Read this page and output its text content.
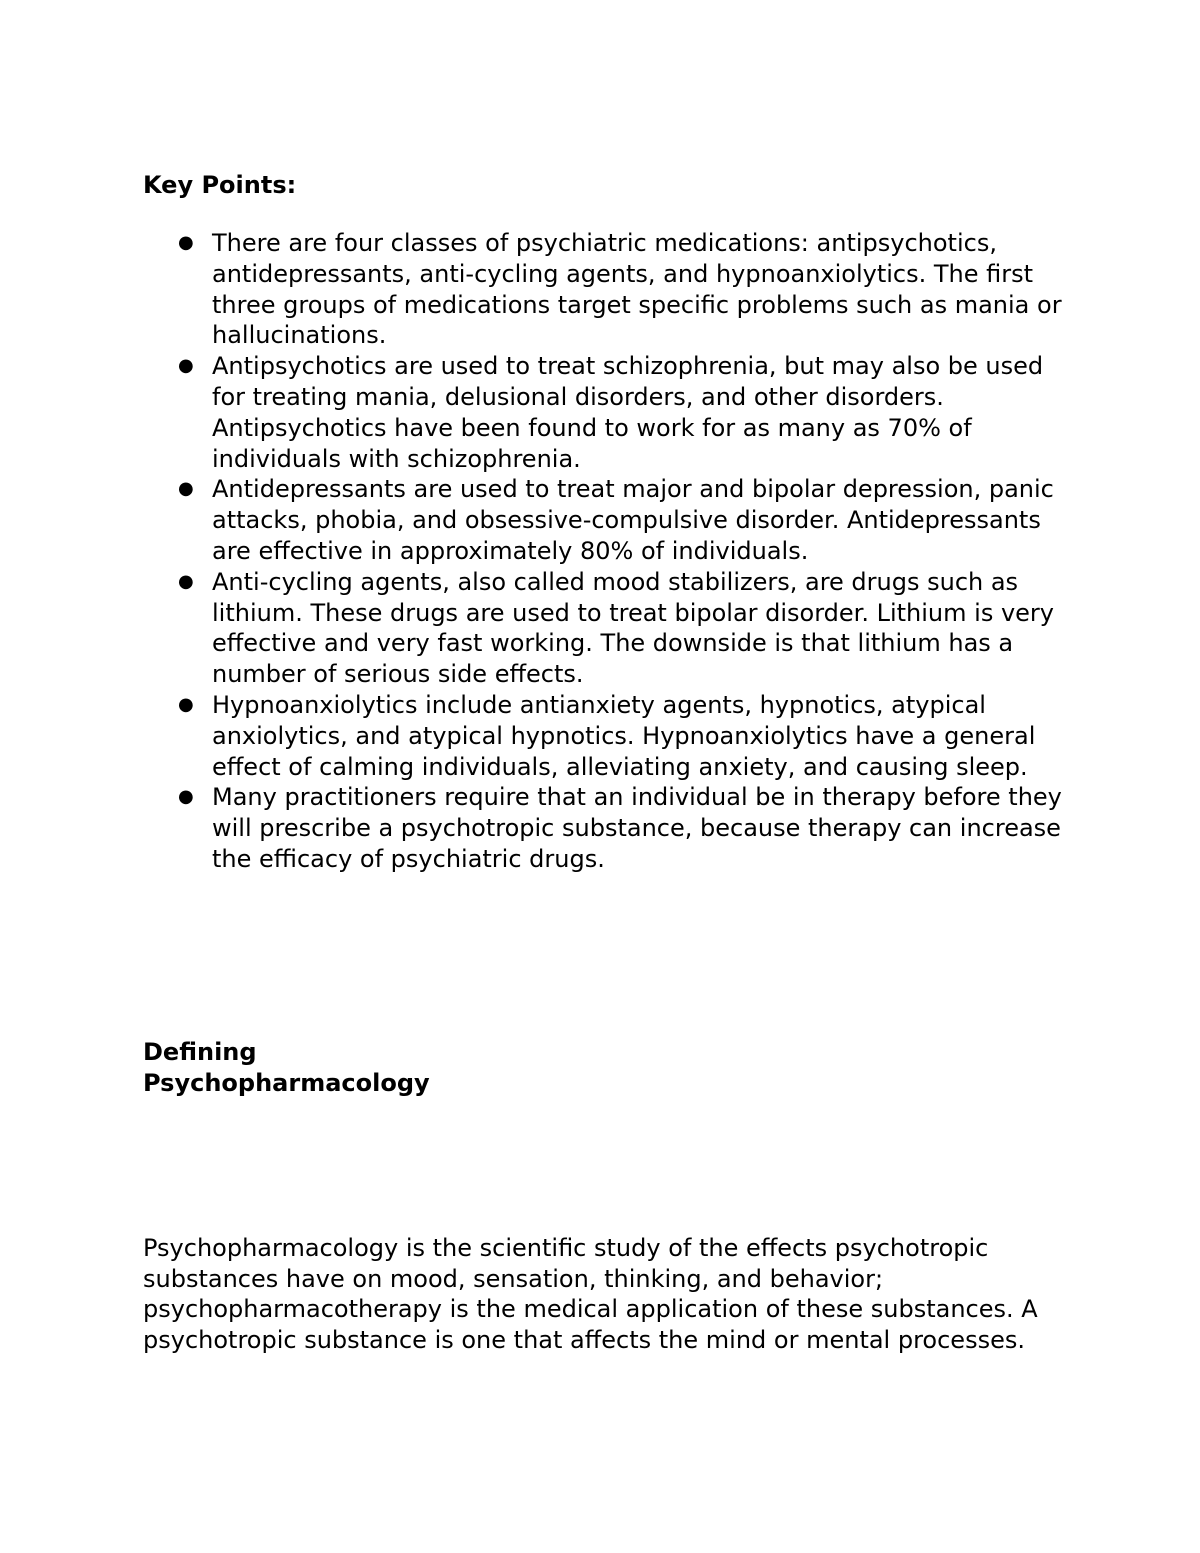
Key Points:
● There are four classes of psychiatric medications: antipsychotics, antidepressants, anti-cycling agents, and hypnoanxiolytics. The first three groups of medications target specific problems such as mania or hallucinations.
● Antipsychotics are used to treat schizophrenia, but may also be used for treating mania, delusional disorders, and other disorders. Antipsychotics have been found to work for as many as 70% of individuals with schizophrenia.
● Antidepressants are used to treat major and bipolar depression, panic attacks, phobia, and obsessive-compulsive disorder. Antidepressants are effective in approximately 80% of individuals.
● Anti-cycling agents, also called mood stabilizers, are drugs such as lithium. These drugs are used to treat bipolar disorder. Lithium is very effective and very fast working. The downside is that lithium has a number of serious side effects.
● Hypnoanxiolytics include antianxiety agents, hypnotics, atypical anxiolytics, and atypical hypnotics. Hypnoanxiolytics have a general effect of calming individuals, alleviating anxiety, and causing sleep.
● Many practitioners require that an individual be in therapy before they will prescribe a psychotropic substance, because therapy can increase the efficacy of psychiatric drugs.
Defining
Psychopharmacology

Psychopharmacology is the scientific study of the effects psychotropic substances have on mood, sensation, thinking, and behavior; psychopharmacotherapy is the medical application of these substances. A psychotropic substance is one that affects the mind or mental processes.
